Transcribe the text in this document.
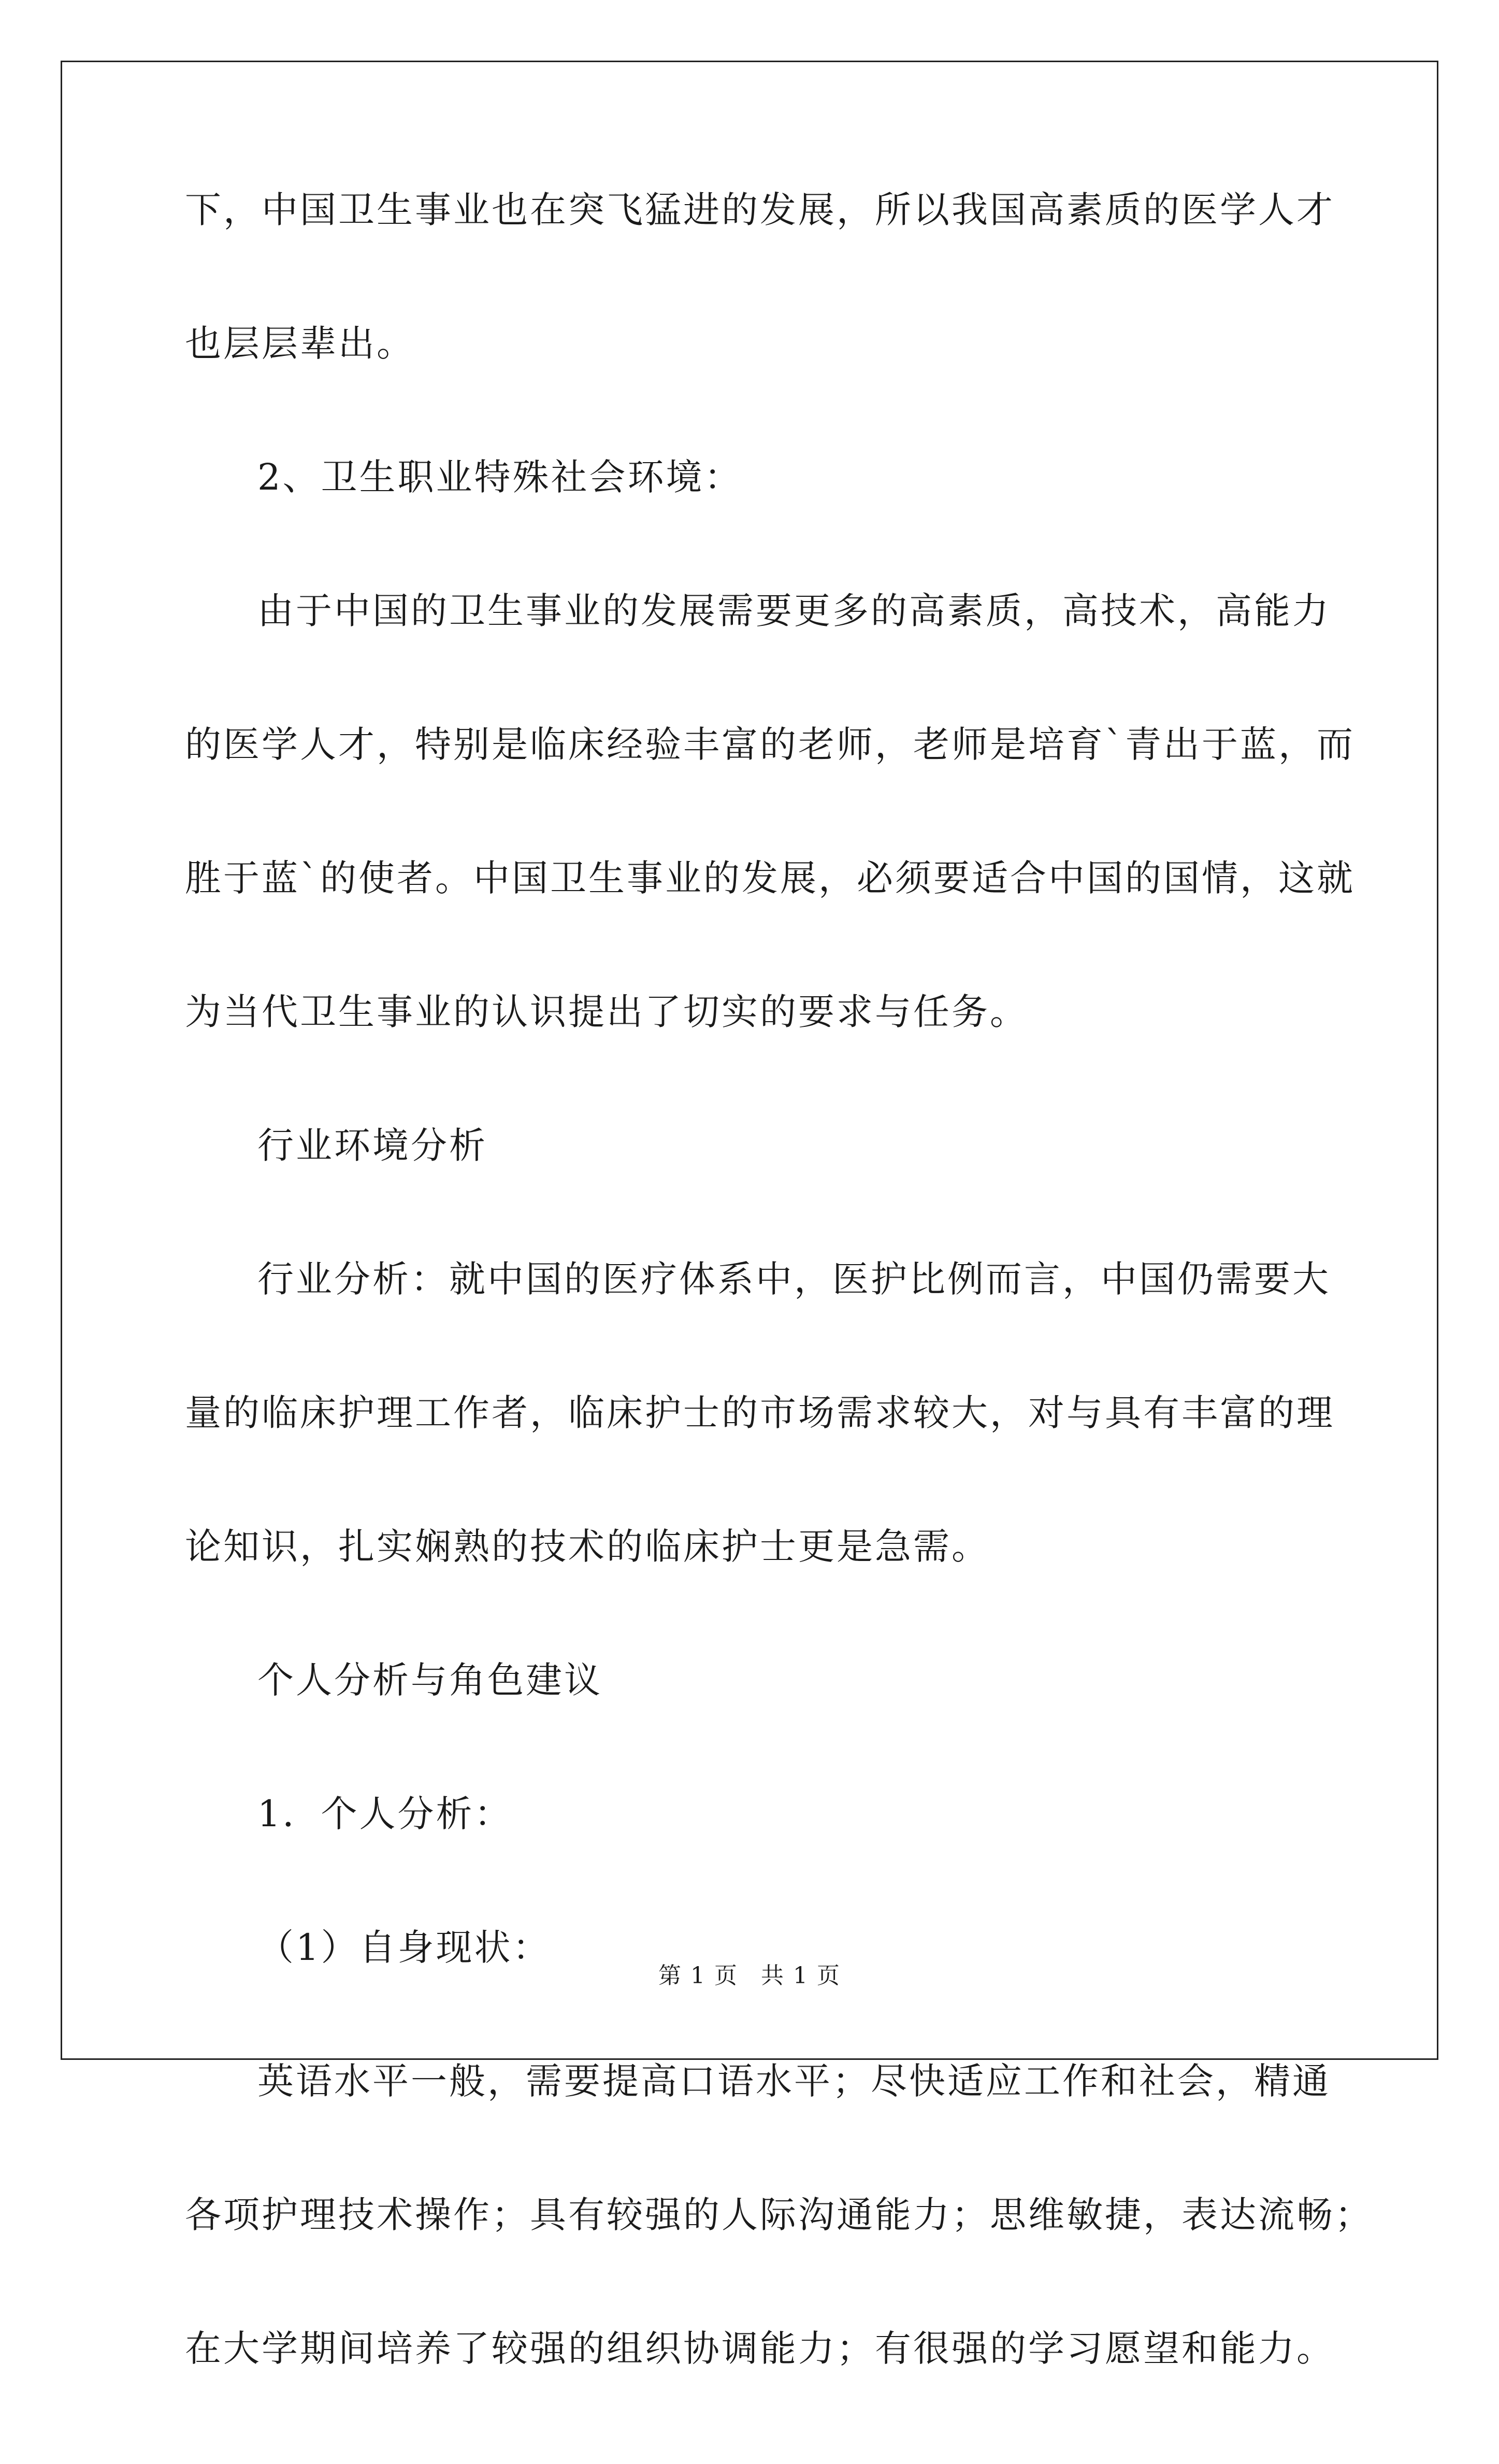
下，中国卫生事业也在突飞猛进的发展，所以我国高素质的医学人才
也层层辈出。
2、卫生职业特殊社会环境：
由于中国的卫生事业的发展需要更多的高素质，高技术，高能力
的医学人才，特别是临床经验丰富的老师，老师是培育`青出于蓝，而
胜于蓝`的使者。中国卫生事业的发展，必须要适合中国的国情，这就
为当代卫生事业的认识提出了切实的要求与任务。
行业环境分析
行业分析：就中国的医疗体系中，医护比例而言，中国仍需要大
量的临床护理工作者，临床护士的市场需求较大，对与具有丰富的理
论知识，扎实娴熟的技术的临床护士更是急需。
个人分析与角色建议
1．个人分析：
（1）自身现状：
英语水平一般，需要提高口语水平；尽快适应工作和社会，精通
各项护理技术操作；具有较强的人际沟通能力；思维敏捷，表达流畅；
在大学期间培养了较强的组织协调能力；有很强的学习愿望和能力。
第 1 页 共 1 页
